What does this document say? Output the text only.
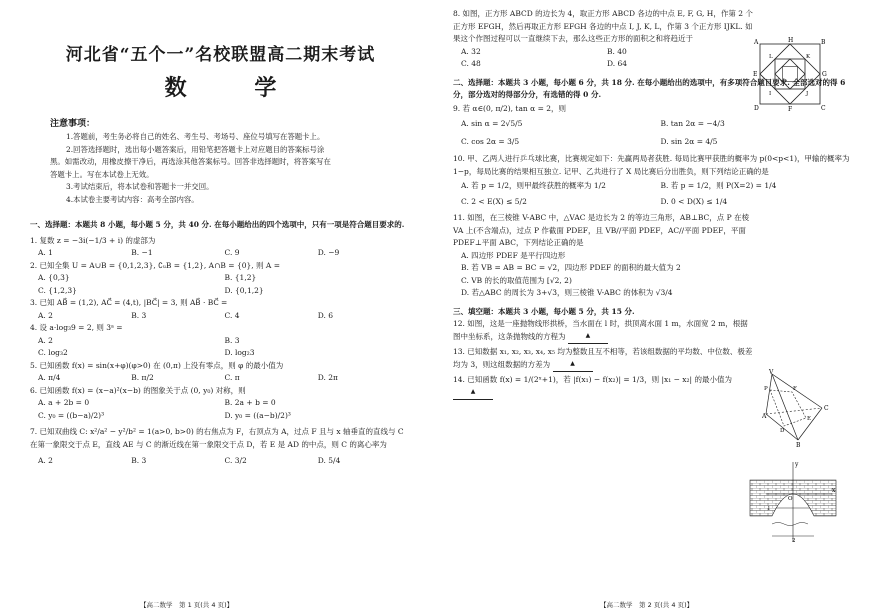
河北省“五个一”名校联盟高二期末考试
数 学
注意事项：

1.答题前，考生务必将自己的姓名、考生号、考场号、座位号填写在答题卡上。

2.回答选择题时，选出每小题答案后，用铅笔把答题卡上对应题目的答案标号涂

黑。如需改动，用橡皮擦干净后，再选涂其他答案标号。回答非选择题时，将答案写在

答题卡上。写在本试卷上无效。

3.考试结束后，将本试卷和答题卡一并交回。

4.本试卷主要考试内容：高考全部内容。

一、选择题：本题共 8 小题，每小题 5 分，共 40 分. 在每小题给出的四个选项中，只有一项是符合题目要求的.
1. 复数 z = −3i(−1/3 + i) 的虚部为
A. 1	B. −1	C. 9	D. −9
2. 已知全集 U = A∪B = {0,1,2,3}, ∁ᵤB = {1,2}, A∩B = {0}, 则 A =
A. {0,3}	B. {1,2}
C. {1,2,3}	D. {0,1,2}
3. 已知 AB⃗ = (1,2), AC⃗ = (4,t), |BC⃗| = 3, 则 AB⃗ · BC⃗ =
A. 2	B. 3	C. 4	D. 6
4. 设 a·log₃9 = 2, 则 3ᵃ =
A. 2	B. 3
C. log₃2	D. log₂3
5. 已知函数 f(x) = sin(x+φ)(φ>0) 在 (0,π) 上没有零点，则 φ 的最小值为
A. π/4	B. π/2	C. π	D. 2π
6. 已知函数 f(x) = (x−a)²(x−b) 的图象关于点 (0, y₀) 对称，则
A. a + 2b = 0	B. 2a + b = 0
C. y₀ = ((b−a)/2)³	D. y₀ = ((a−b)/2)³
7. 已知双曲线 C: x²/a² − y²/b² = 1(a>0, b>0) 的右焦点为 F，右顶点为 A，过点 F 且与 x 轴垂直的直线与 C 在第一象限交于点 E，直线 AE 与 C 的渐近线在第一象限交于点 D，若 E 是 AD 的中点，则 C 的离心率为
A. 2	B. 3	C. 3/2	D. 5/4
【高二数学　第 1 页(共 4 页)】
8. 如图，正方形 ABCD 的边长为 4，取正方形 ABCD 各边的中点 E, F, G, H，作第 2 个正方形 EFGH，然后再取正方形 EFGH 各边的中点 I, J, K, L，作第 3 个正方形 IJKL. 如果这个作图过程可以一直继续下去，那么这些正方形的面积之和将趋近于
A. 32	B. 40
C. 48	D. 64
二、选择题：本题共 3 小题，每小题 6 分，共 18 分. 在每小题给出的选项中，有多项符合题目要求. 全部选对的得 6 分，部分选对的得部分分，有选错的得 0 分.
9. 若 α∈(0, π/2), tan α = 2，则
A. sin α = 2√5/5	B. tan 2α = −4/3
C. cos 2α = 3/5	D. sin 2α = 4/5
10. 甲、乙两人进行乒乓球比赛，比赛规定如下：先赢两局者获胜. 每局比赛甲获胜的概率为 p(0<p<1)，甲输的概率为 1−p，每局比赛的结果相互独立. 记甲、乙共进行了 X 局比赛后分出胜负，则下列结论正确的是
A. 若 p = 1/2，则甲最终获胜的概率为 1/2	B. 若 p = 1/2，则 P(X=2) = 1/4
C. 2 < E(X) ≤ 5/2	D. 0 < D(X) ≤ 1/4
11. 如图，在三棱锥 V-ABC 中，△VAC 是边长为 2 的等边三角形，AB⊥BC，点 P 在棱 VA 上(不含端点)，过点 P 作截面 PDEF，且 VB//平面 PDEF，AC//平面 PDEF，平面 PDEF⊥平面 ABC，下列结论正确的是
A. 四边形 PDEF 是平行四边形
B. 若 VB = AB = BC = √2，四边形 PDEF 的面积的最大值为 2
C. VB 的长的取值范围为 [√2, 2)
D. 若△ABC 的周长为 3+√3，则三棱锥 V-ABC 的体积为 √3/4
三、填空题：本题共 3 小题，每小题 5 分，共 15 分.
12. 如图，这是一座抛物线形拱桥，当水面在 l 时，拱顶离水面 1 m，水面宽 2 m，根据图中坐标系，这条抛物线的方程为	▲
13. 已知数据 x₁, x₂, x₃, x₄, x₅ 均为整数且互不相等，若该组数据的平均数、中位数、极差均为 3，则这组数据的方差为	▲
14. 已知函数 f(x) = 1/(2ˣ+1)，若 |f(x₁) − f(x₂)| = 1/3，则 |x₁ − x₂| 的最小值为 ▲
【高二数学　第 2 页(共 4 页)】
A	B
C
D
H
G
F
E
L	K
J
I
V
A
B
C
P
D
E
F
y
x
O
l
2
